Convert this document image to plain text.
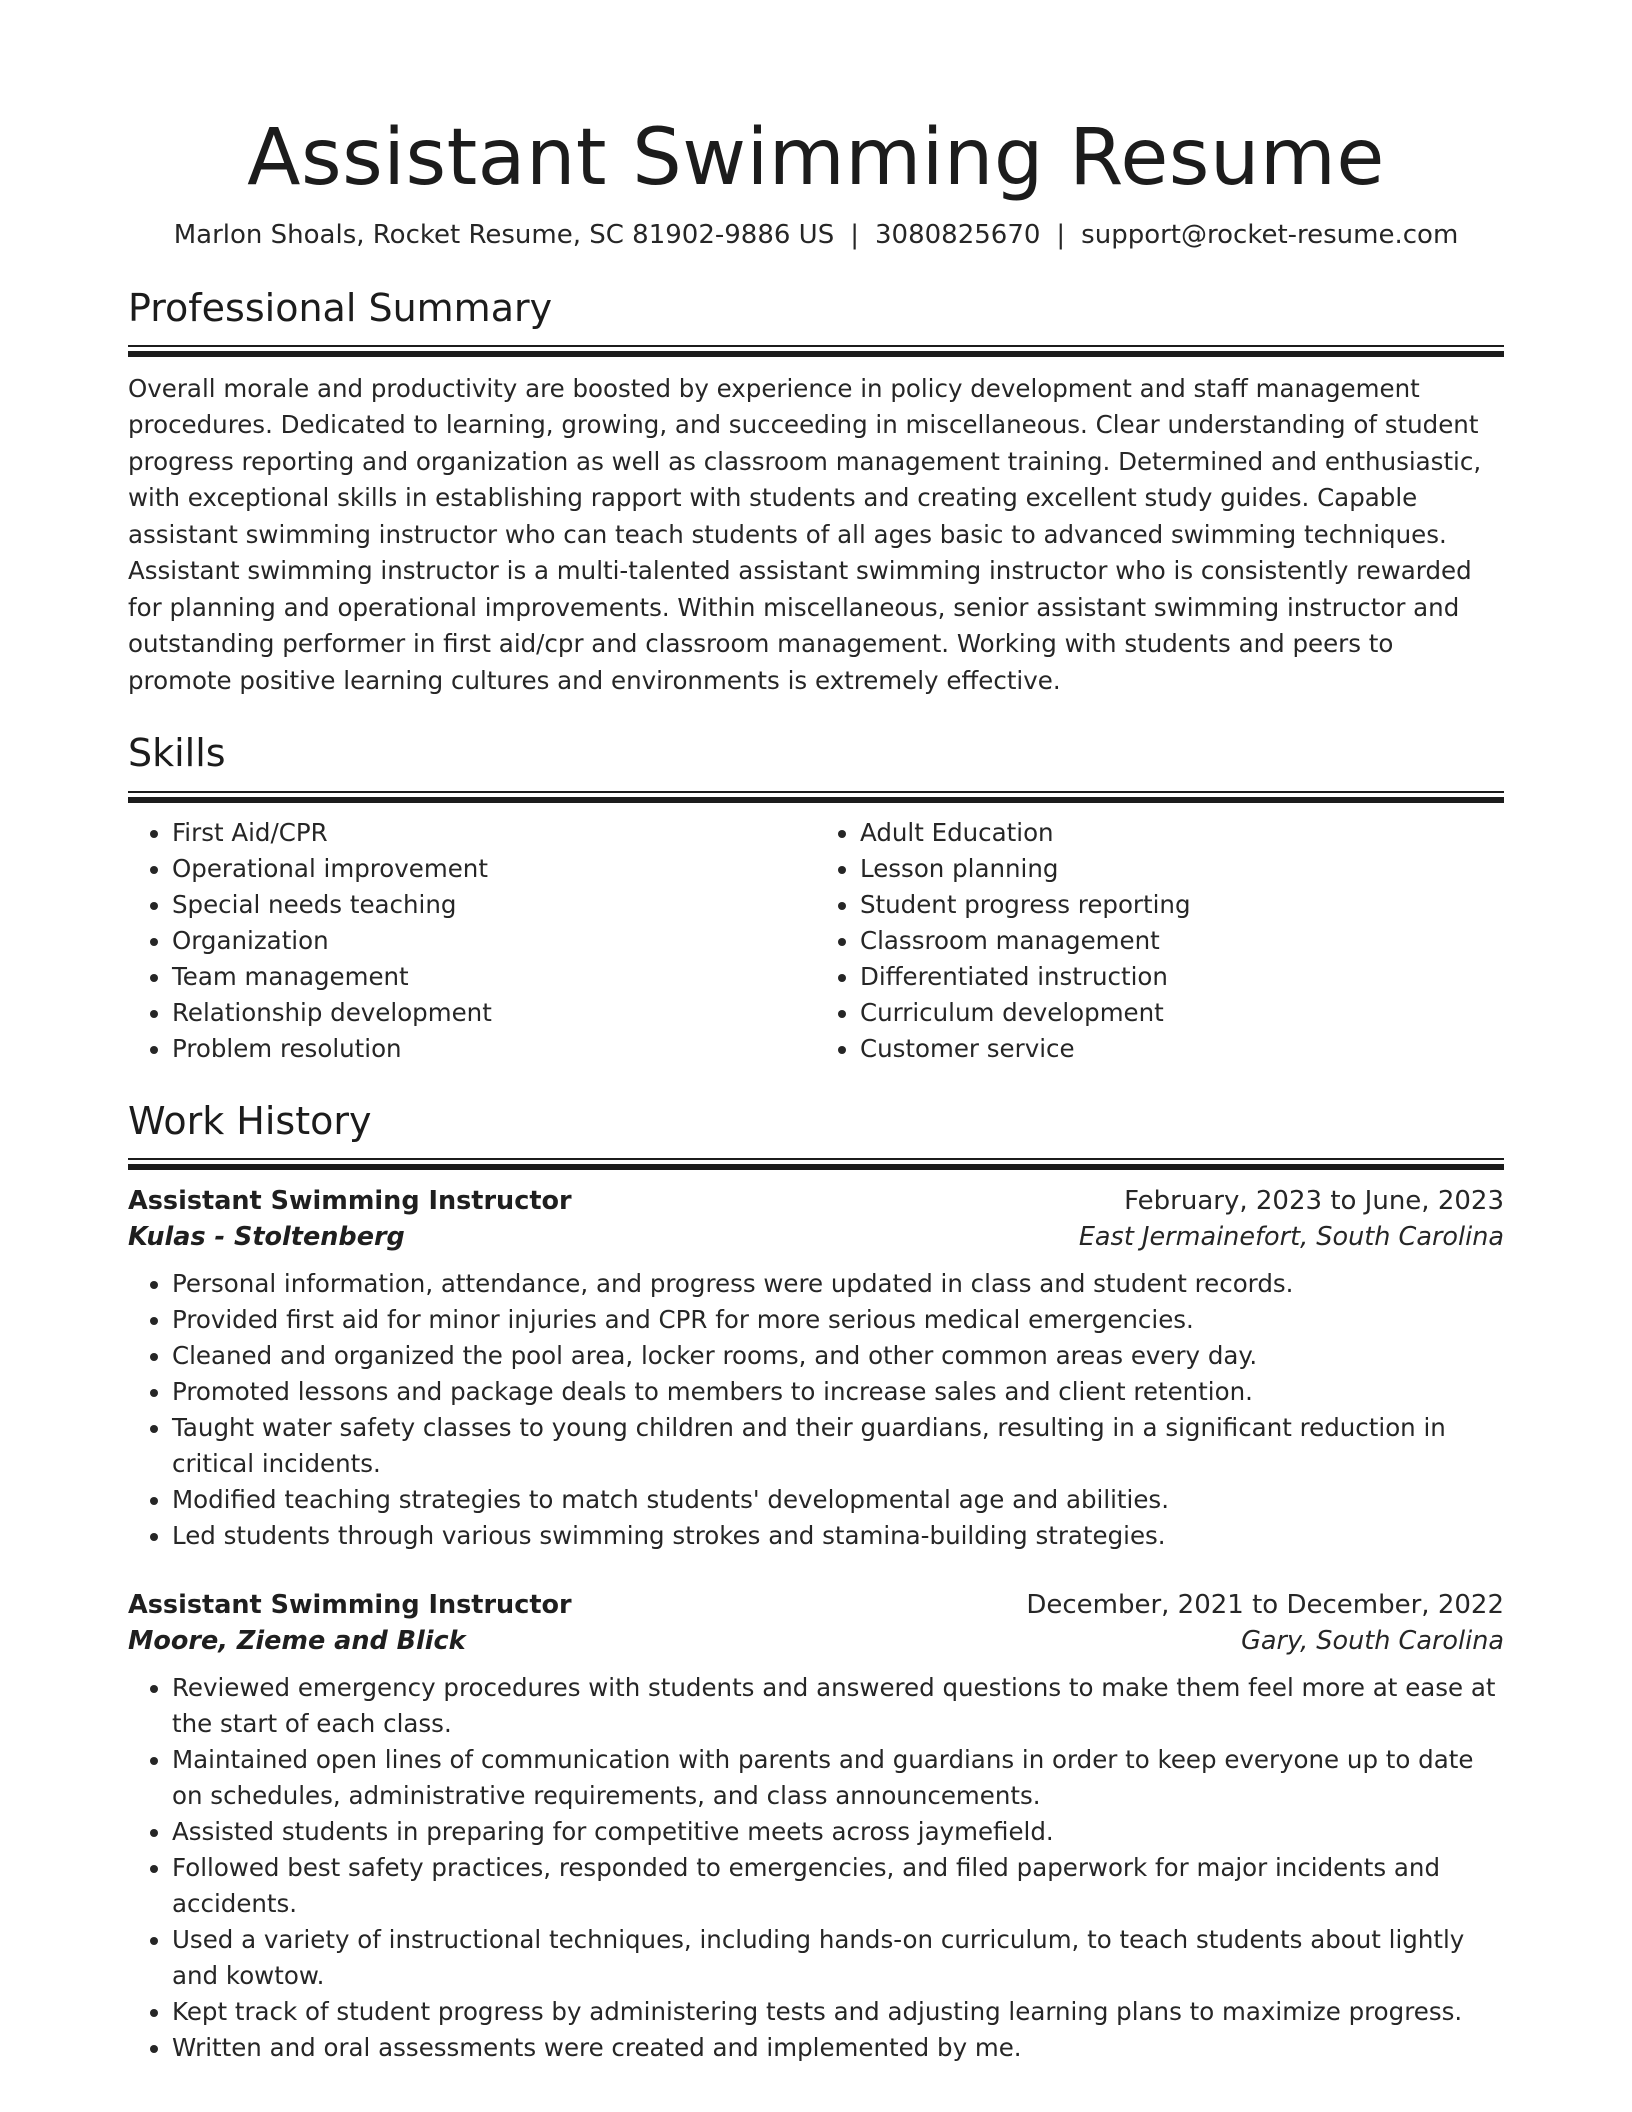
Assistant Swimming Resume
Marlon Shoals, Rocket Resume, SC 81902-9886 US | 3080825670 | support@rocket-resume.com
Professional Summary
Overall morale and productivity are boosted by experience in policy development and staff management procedures. Dedicated to learning, growing, and succeeding in miscellaneous. Clear understanding of student progress reporting and organization as well as classroom management training. Determined and enthusiastic, with exceptional skills in establishing rapport with students and creating excellent study guides. Capable assistant swimming instructor who can teach students of all ages basic to advanced swimming techniques. Assistant swimming instructor is a multi-talented assistant swimming instructor who is consistently rewarded for planning and operational improvements. Within miscellaneous, senior assistant swimming instructor and outstanding performer in first aid/cpr and classroom management. Working with students and peers to promote positive learning cultures and environments is extremely effective.
Skills
• First Aid/CPR
• Operational improvement
• Special needs teaching
• Organization
• Team management
• Relationship development
• Problem resolution
• Adult Education
• Lesson planning
• Student progress reporting
• Classroom management
• Differentiated instruction
• Curriculum development
• Customer service
Work History
Assistant Swimming Instructor	February, 2023 to June, 2023
Kulas - Stoltenberg	East Jermainefort, South Carolina
• Personal information, attendance, and progress were updated in class and student records.
• Provided first aid for minor injuries and CPR for more serious medical emergencies.
• Cleaned and organized the pool area, locker rooms, and other common areas every day.
• Promoted lessons and package deals to members to increase sales and client retention.
• Taught water safety classes to young children and their guardians, resulting in a significant reduction in critical incidents.
• Modified teaching strategies to match students' developmental age and abilities.
• Led students through various swimming strokes and stamina-building strategies.
Assistant Swimming Instructor	December, 2021 to December, 2022
Moore, Zieme and Blick	Gary, South Carolina
• Reviewed emergency procedures with students and answered questions to make them feel more at ease at the start of each class.
• Maintained open lines of communication with parents and guardians in order to keep everyone up to date on schedules, administrative requirements, and class announcements.
• Assisted students in preparing for competitive meets across jaymefield.
• Followed best safety practices, responded to emergencies, and filed paperwork for major incidents and accidents.
• Used a variety of instructional techniques, including hands-on curriculum, to teach students about lightly and kowtow.
• Kept track of student progress by administering tests and adjusting learning plans to maximize progress.
• Written and oral assessments were created and implemented by me.
